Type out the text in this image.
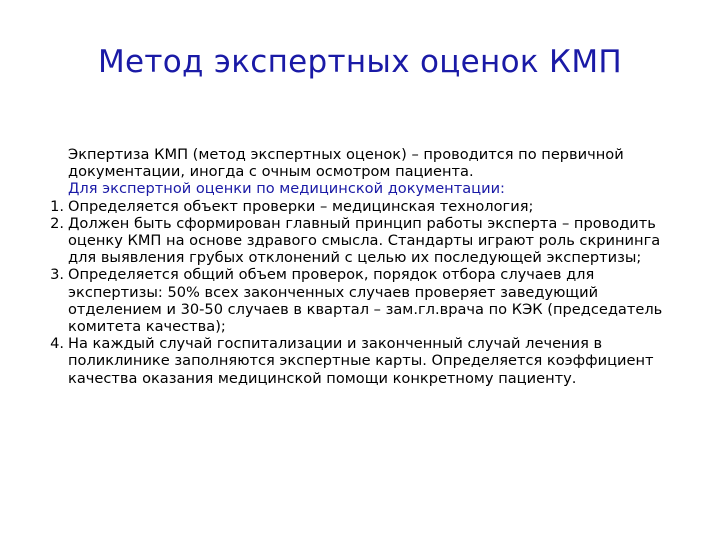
Метод экспертных оценок КМП

Экпертиза КМП (метод экспертных оценок) – проводится по первичной документации, иногда с очным осмотром пациента.

Для экспертной оценки по медицинской документации:

1. Определяется объект проверки – медицинская технология;
2. Должен быть сформирован главный принцип работы эксперта – проводить оценку КМП на основе здравого смысла. Стандарты играют роль скрининга для выявления грубых отклонений с целью их последующей экспертизы;
3. Определяется общий объем проверок, порядок отбора случаев для экспертизы: 50% всех законченных случаев проверяет заведующий отделением и 30-50 случаев в квартал – зам.гл.врача по КЭК (председатель комитета качества);
4. На каждый случай госпитализации и законченный случай лечения в поликлинике заполняются экспертные карты. Определяется коэффициент качества оказания медицинской помощи конкретному пациенту.
